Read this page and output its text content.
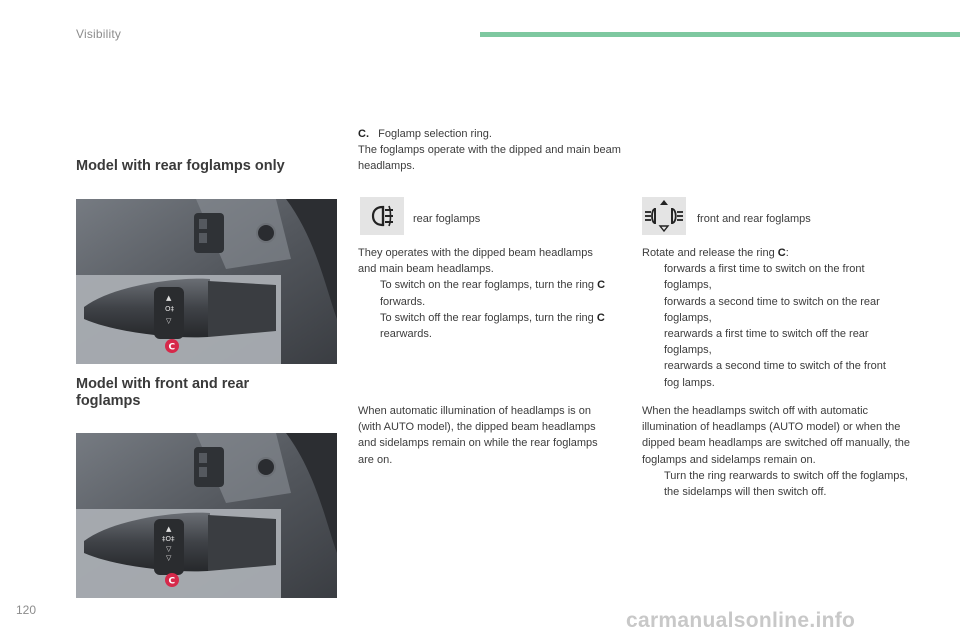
Visibility
Model with rear foglamps only
▲
O‡
▽
C
Model with front and rear foglamps
▲
‡O‡
▽
▽
C

C. Foglamp selection ring.

The foglamps operate with the dipped and main beam headlamps.

rear foglamps

They operates with the dipped beam headlamps and main beam headlamps.

To switch on the rear foglamps, turn the ring C forwards.

To switch off the rear foglamps, turn the ring C rearwards.

When automatic illumination of headlamps is on (with AUTO model), the dipped beam headlamps and sidelamps remain on while the rear foglamps are on.
front and rear foglamps

Rotate and release the ring C:

forwards a first time to switch on the front foglamps,

forwards a second time to switch on the rear foglamps,

rearwards a first time to switch off the rear foglamps,

rearwards a second time to switch of the front fog lamps.

When the headlamps switch off with automatic illumination of headlamps (AUTO model) or when the dipped beam headlamps are switched off manually, the foglamps and sidelamps remain on.

Turn the ring rearwards to switch off the foglamps, the sidelamps will then switch off.

120	carmanualsonline.info
